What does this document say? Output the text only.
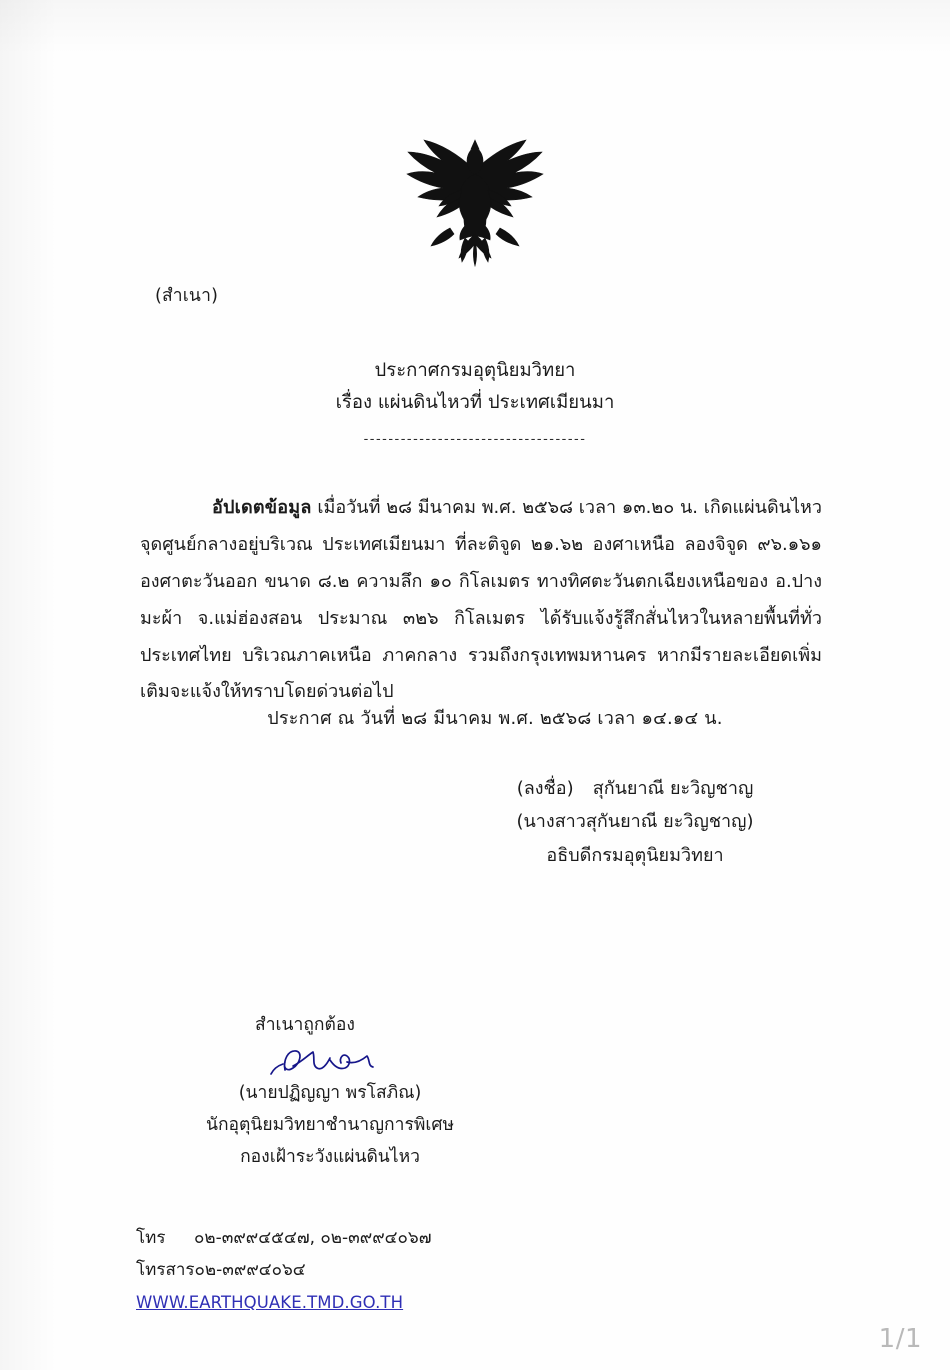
(สำเนา)
ประกาศกรมอุตุนิยมวิทยา
เรื่อง แผ่นดินไหวที่ ประเทศเมียนมา
------------------------------------
อัปเดตข้อมูล เมื่อวันที่ ๒๘ มีนาคม พ.ศ. ๒๕๖๘ เวลา ๑๓.๒๐ น. เกิดแผ่นดินไหว จุดศูนย์กลางอยู่บริเวณ ประเทศเมียนมา ที่ละติจูด ๒๑.๖๒ องศาเหนือ ลองจิจูด ๙๖.๑๖๑ องศาตะวันออก ขนาด ๘.๒ ความลึก ๑๐ กิโลเมตร ทางทิศตะวันตกเฉียงเหนือของ อ.ปางมะผ้า จ.แม่ฮ่องสอน ประมาณ ๓๒๖ กิโลเมตร ได้รับแจ้งรู้สึกสั่นไหวในหลายพื้นที่ทั่วประเทศไทย บริเวณภาคเหนือ ภาคกลาง รวมถึงกรุงเทพมหานคร หากมีรายละเอียดเพิ่มเติมจะแจ้งให้ทราบโดยด่วนต่อไป
ประกาศ ณ วันที่ ๒๘ มีนาคม พ.ศ. ๒๕๖๘ เวลา ๑๔.๑๔ น.
(ลงชื่อ) สุกันยาณี ยะวิญชาญ
(นางสาวสุกันยาณี ยะวิญชาญ)
อธิบดีกรมอุตุนิยมวิทยา
สำเนาถูกต้อง
(นายปฏิญญา พรโสภิณ)
นักอุตุนิยมวิทยาชำนาญการพิเศษ
กองเฝ้าระวังแผ่นดินไหว
โทร ๐๒-๓๙๙๔๕๔๗, ๐๒-๓๙๙๔๐๖๗
โทรสาร๐๒-๓๙๙๔๐๖๔
WWW.EARTHQUAKE.TMD.GO.TH
1/1
